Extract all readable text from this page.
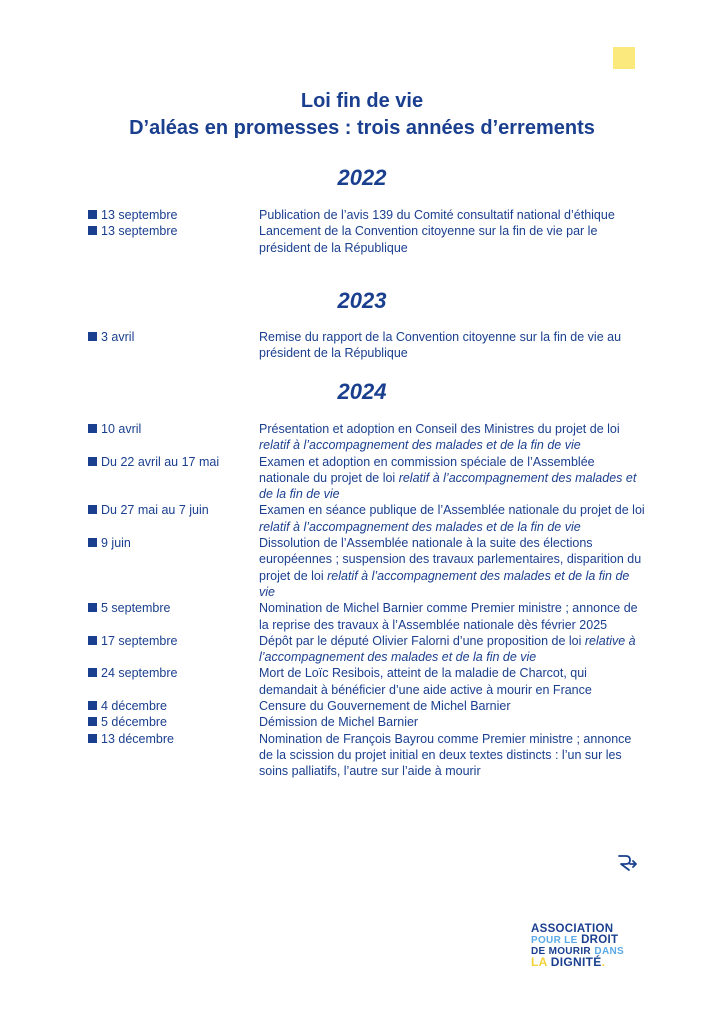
Loi fin de vie
D’aléas en promesses : trois années d’errements
2022
13 septembre	Publication de l’avis 139 du Comité consultatif national d’éthique
13 septembre	Lancement de la Convention citoyenne sur la fin de vie par le président de la République
2023
3 avril	Remise du rapport de la Convention citoyenne sur la fin de vie au président de la République
2024
10 avril	Présentation et adoption en Conseil des Ministres du projet de loi relatif à l’accompagnement des malades et de la fin de vie
Du 22 avril au 17 mai	Examen et adoption en commission spéciale de l’Assemblée nationale du projet de loi relatif à l’accompagnement des malades et de la fin de vie
Du 27 mai au 7 juin	Examen en séance publique de l’Assemblée nationale du projet de loi relatif à l’accompagnement des malades et de la fin de vie
9 juin	Dissolution de l’Assemblée nationale à la suite des élections européennes ; suspension des travaux parlementaires, disparition du projet de loi relatif à l’accompagnement des malades et de la fin de vie
5 septembre	Nomination de Michel Barnier comme Premier ministre ; annonce de la reprise des travaux à l’Assemblée nationale dès février 2025
17 septembre	Dépôt par le député Olivier Falorni d’une proposition de loi relative à l’accompagnement des malades et de la fin de vie
24 septembre	Mort de Loïc Resibois, atteint de la maladie de Charcot, qui demandait à bénéficier d’une aide active à mourir en France
4 décembre	Censure du Gouvernement de Michel Barnier
5 décembre	Démission de Michel Barnier
13 décembre	Nomination de François Bayrou comme Premier ministre ; annonce de la scission du projet initial en deux textes distincts : l’un sur les soins palliatifs, l’autre sur l’aide à mourir
ASSOCIATION
POUR LE DROIT
DE MOURIR DANS
LA DIGNITÉ.
